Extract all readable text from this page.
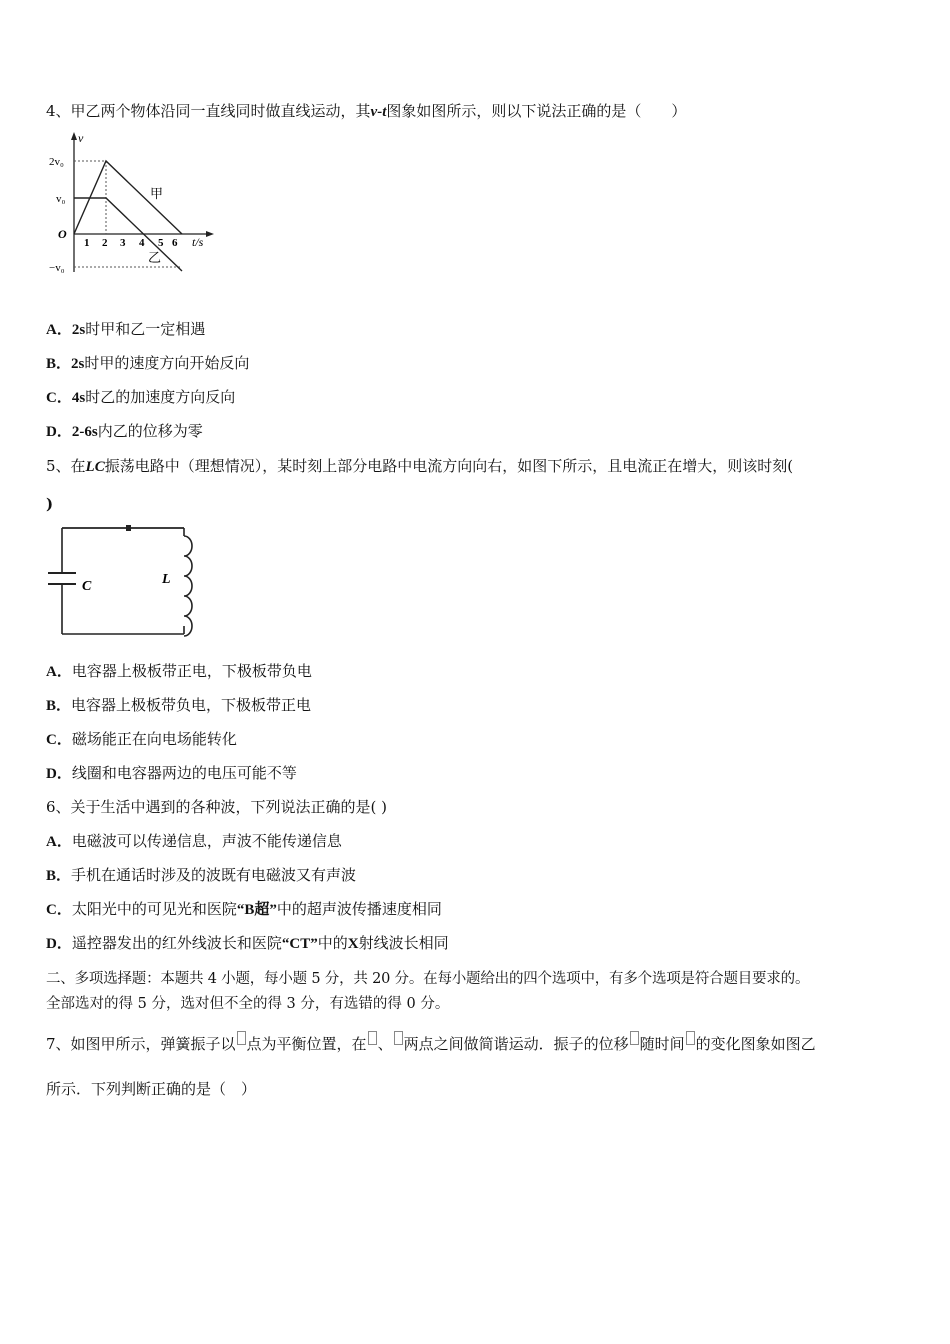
4、甲乙两个物体沿同一直线同时做直线运动，其v-t图象如图所示，则以下说法正确的是（　　）
v
t/s
O
2v₀
v₀
−v₀
1 2 3 4 5 6
甲
乙
A．2s时甲和乙一定相遇
B．2s时甲的速度方向开始反向
C．4s时乙的加速度方向反向
D．2-6s内乙的位移为零
5、在LC振荡电路中（理想情况），某时刻上部分电路中电流方向向右，如图下所示，且电流正在增大，则该时刻(
)
C	L
A．电容器上极板带正电，下极板带负电
B．电容器上极板带负电，下极板带正电
C．磁场能正在向电场能转化
D．线圈和电容器两边的电压可能不等
6、关于生活中遇到的各种波，下列说法正确的是( )
A．电磁波可以传递信息，声波不能传递信息
B．手机在通话时涉及的波既有电磁波又有声波
C．太阳光中的可见光和医院“B超”中的超声波传播速度相同
D．遥控器发出的红外线波长和医院“CT”中的X射线波长相同
二、多项选择题：本题共 4 小题，每小题 5 分，共 20 分。在每小题给出的四个选项中，有多个选项是符合题目要求的。
全部选对的得 5 分，选对但不全的得 3 分，有选错的得 0 分。
7、如图甲所示，弹簧振子以 点为平衡位置，在 、 两点之间做简谐运动．振子的位移 随时间 的变化图象如图乙
所示．下列判断正确的是（　）
